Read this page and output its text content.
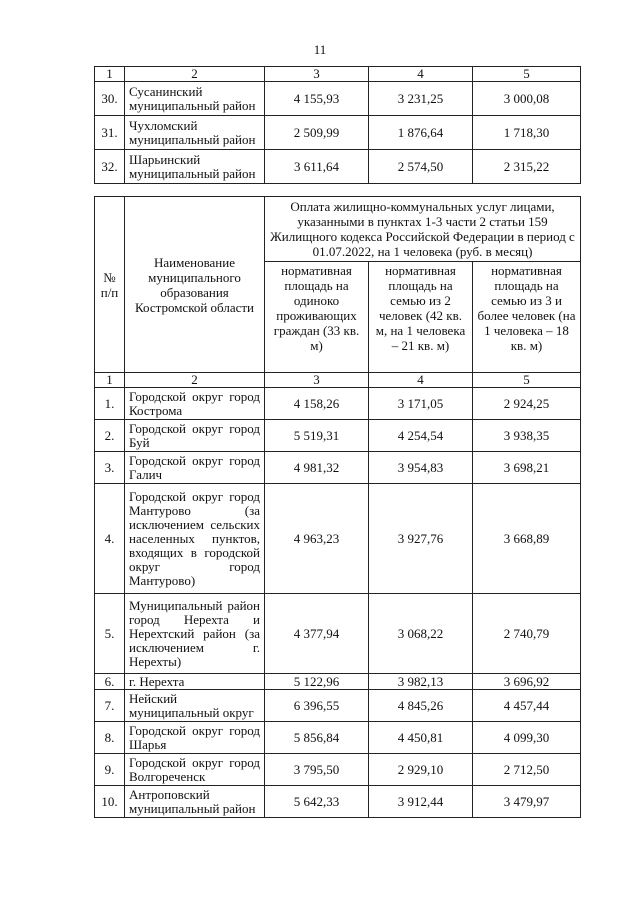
11
1	2	3	4	5
30.	Сусанинский муниципальный район	4 155,93	3 231,25	3 000,08
31.	Чухломский муниципальный район	2 509,99	1 876,64	1 718,30
32.	Шарьинский муниципальный район	3 611,64	2 574,50	2 315,22
№ п/п	Наименование муниципального образования Костромской области	Оплата жилищно-коммунальных услуг лицами, указанными в пунктах 1-3 части 2 статьи 159 Жилищного кодекса Российской Федерации в период с 01.07.2022, на 1 человека (руб. в месяц)		
		нормативная площадь на одиноко проживающих граждан (33 кв. м)	нормативная площадь на семью из 2 человек (42 кв. м, на 1 человека – 21 кв. м)	нормативная площадь на семью из 3 и более человек (на 1 человека – 18 кв. м)
1	2	3	4	5
1.	Городской округ город Кострома	4 158,26	3 171,05	2 924,25
2.	Городской округ город Буй	5 519,31	4 254,54	3 938,35
3.	Городской округ город Галич	4 981,32	3 954,83	3 698,21
4.	Городской округ город Мантурово (за исключением сельских населенных пунктов, входящих в городской округ город Мантурово)	4 963,23	3 927,76	3 668,89
5.	Муниципальный район город Нерехта и Нерехтский район (за исключением г. Нерехты)	4 377,94	3 068,22	2 740,79
6.	г. Нерехта	5 122,96	3 982,13	3 696,92
7.	Нейский муниципальный округ	6 396,55	4 845,26	4 457,44
8.	Городской округ город Шарья	5 856,84	4 450,81	4 099,30
9.	Городской округ город Волгореченск	3 795,50	2 929,10	2 712,50
10.	Антроповский муниципальный район	5 642,33	3 912,44	3 479,97
